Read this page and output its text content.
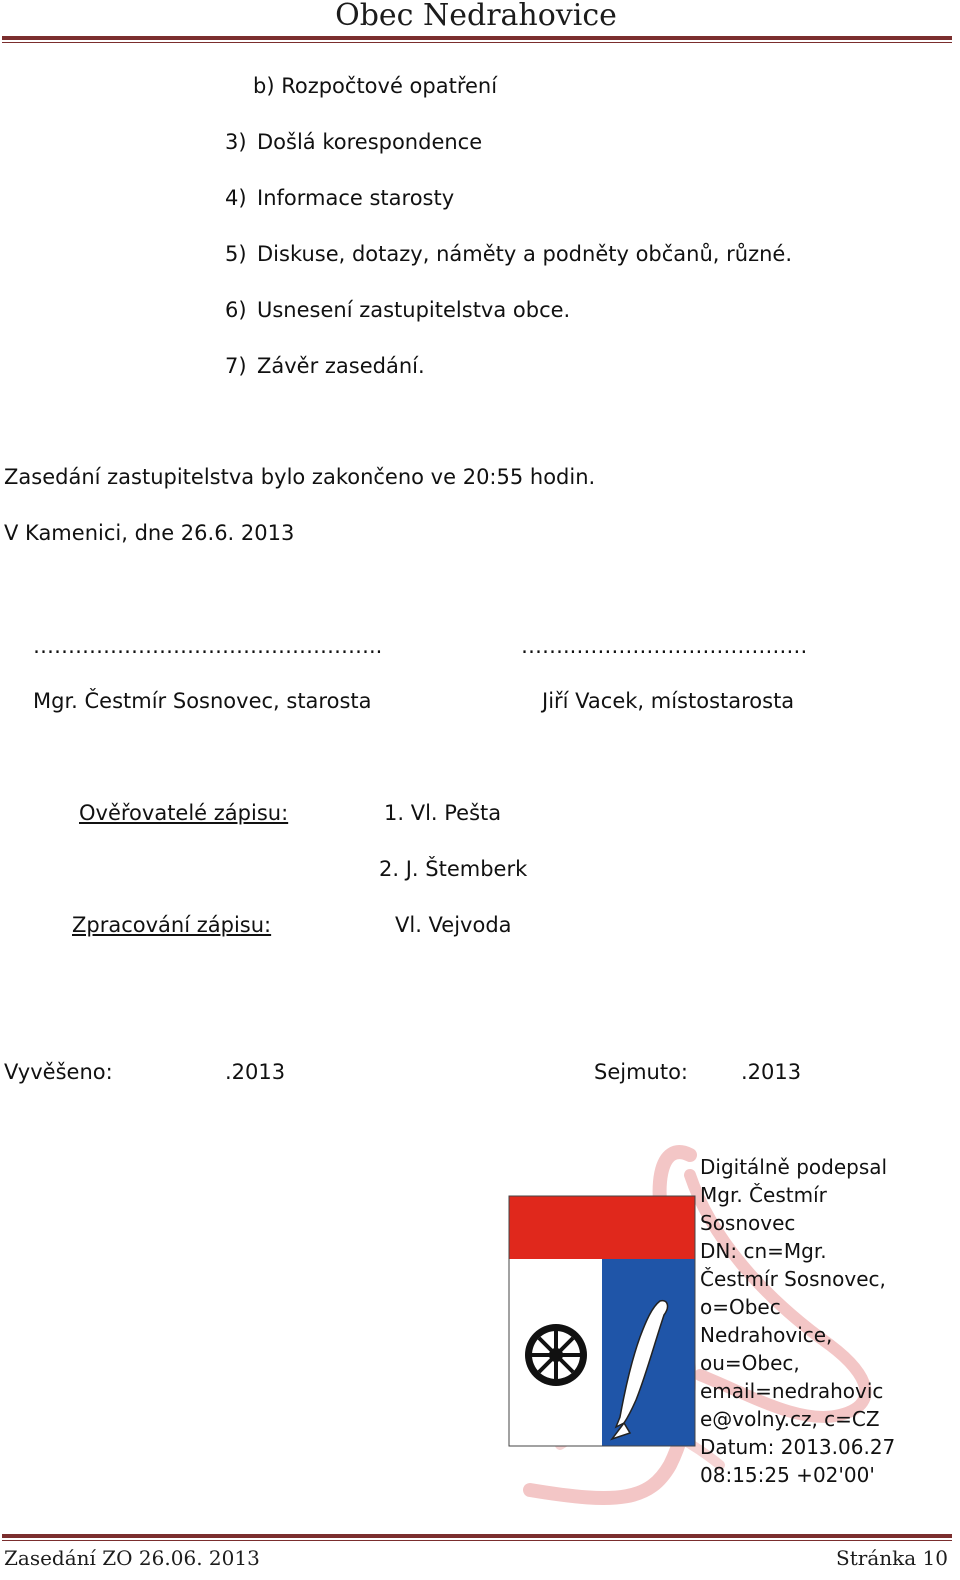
Obec Nedrahovice
b) Rozpočtové opatření
3) Došlá korespondence
4) Informace starosty
5) Diskuse, dotazy, náměty a podněty občanů, různé.
6) Usnesení zastupitelstva obce.
7) Závěr zasedání.
Zasedání zastupitelstva bylo zakončeno ve 20:55 hodin.
V Kamenici, dne 26.6. 2013
…………………………………………..	……..……………………………
Mgr. Čestmír Sosnovec, starosta	Jiří Vacek, místostarosta
Ověřovatelé zápisu:	1. Vl. Pešta
2. J. Štemberk
Zpracování zápisu:	Vl. Vejvoda
Vyvěšeno:	.2013	Sejmuto:	.2013
Digitálně podepsal
Mgr. Čestmír
Sosnovec
DN: cn=Mgr.
Čestmír Sosnovec,
o=Obec
Nedrahovice,
ou=Obec,
email=nedrahovic
e@volny.cz, c=CZ
Datum: 2013.06.27
08:15:25 +02'00'
Zasedání ZO 26.06. 2013	Stránka 10
